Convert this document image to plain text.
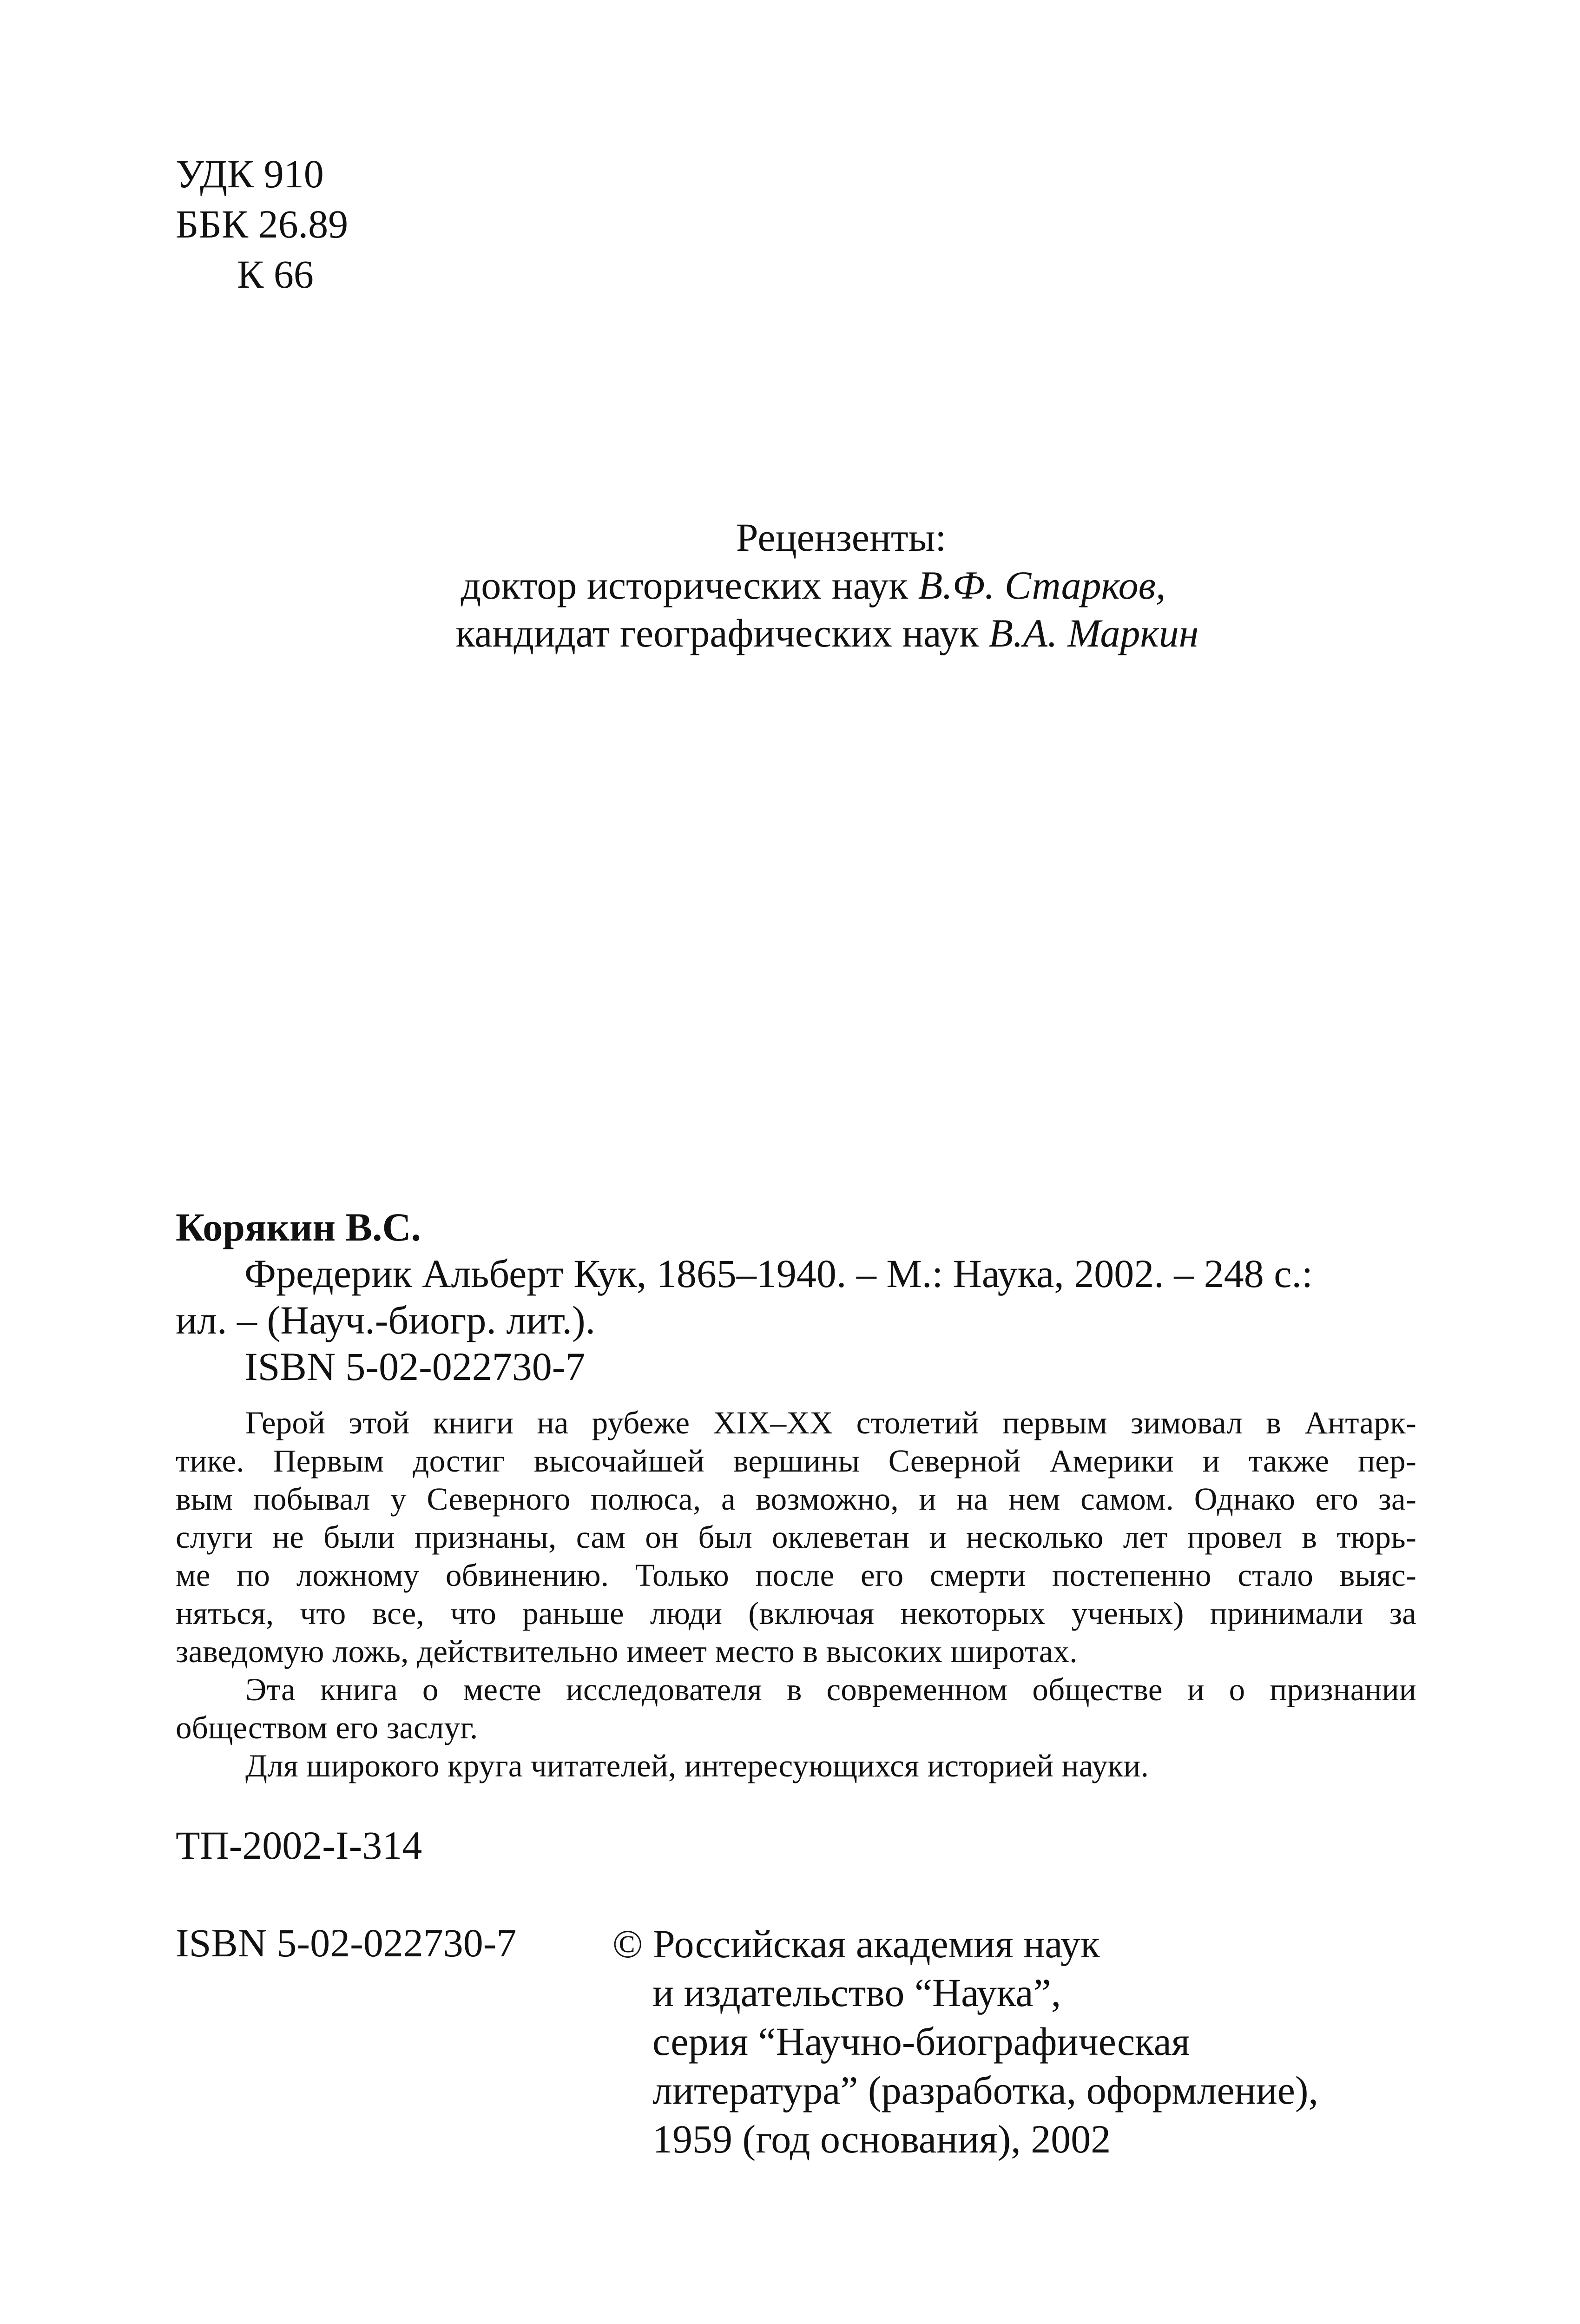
УДК 910
ББК 26.89
К 66
Рецензенты:
доктор исторических наук В.Ф. Старков,
кандидат географических наук В.А. Маркин
Корякин В.С.
Фредерик Альберт Кук, 1865–1940. – М.: Наука, 2002. – 248 с.:
ил. – (Науч.-биогр. лит.).
ISBN 5-02-022730-7
Герой этой книги на рубеже XIX–XX столетий первым зимовал в Антарк-
тике. Первым достиг высочайшей вершины Северной Америки и также пер-
вым побывал у Северного полюса, а возможно, и на нем самом. Однако его за-
слуги не были признаны, сам он был оклеветан и несколько лет провел в тюрь-
ме по ложному обвинению. Только после его смерти постепенно стало выяс-
няться, что все, что раньше люди (включая некоторых ученых) принимали за
заведомую ложь, действительно имеет место в высоких широтах.
Эта книга о месте исследователя в современном обществе и о признании
обществом его заслуг.
Для широкого круга читателей, интересующихся историей науки.
ТП-2002-I-314
ISBN 5-02-022730-7 © Российская академия наук
и издательство “Наука”,
серия “Научно-биографическая
литература” (разработка, оформление),
1959 (год основания), 2002
